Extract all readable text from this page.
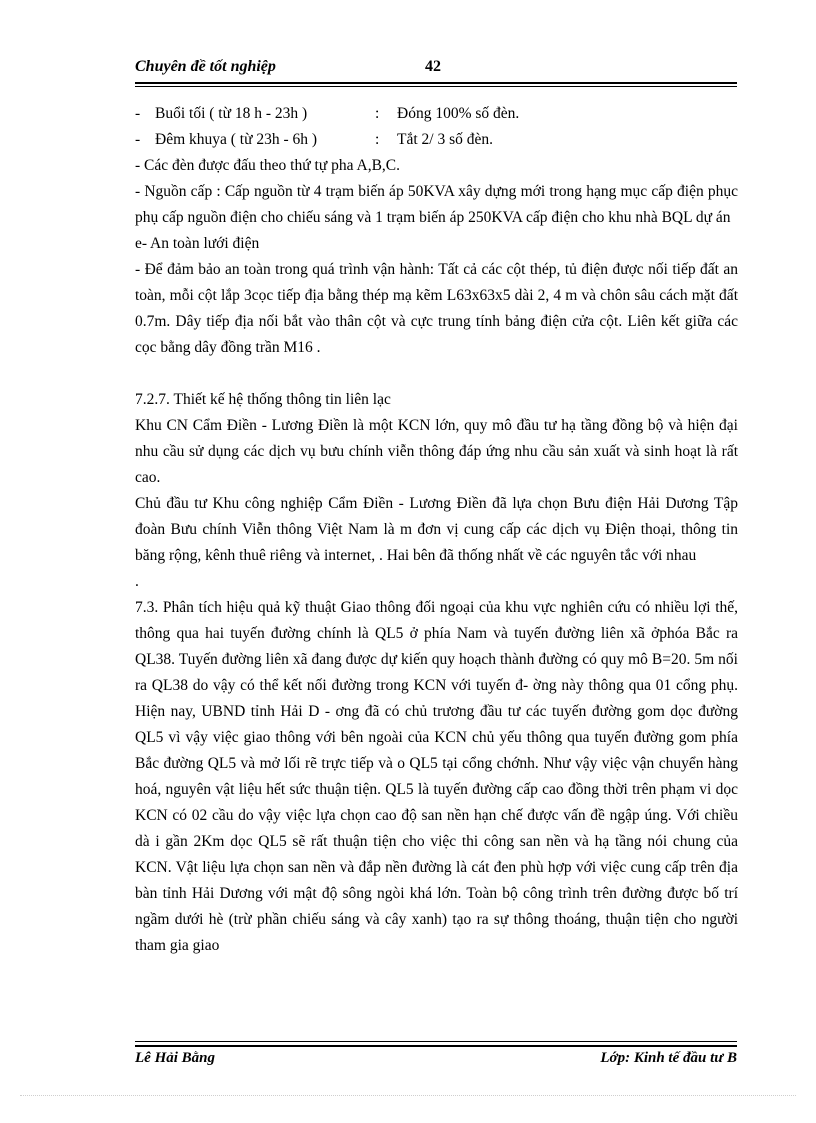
Chuyên đề tốt nghiệp	42
- Buổi tối ( từ 18 h - 23h )	:	Đóng 100% số đèn.
- Đêm khuya ( từ 23h - 6h )	:	Tắt 2/ 3 số đèn.

- Các đèn được đấu theo thứ tự pha A,B,C.

- Nguồn cấp : Cấp nguồn từ 4 trạm biến áp 50KVA xây dựng mới trong hạng mục cấp điện phục phụ cấp nguồn điện cho chiếu sáng và 1 trạm biến áp 250KVA cấp điện cho khu nhà BQL dự án

e- An toàn lưới điện

- Để đảm bảo an toàn trong quá trình vận hành: Tất cả các cột thép, tủ điện được nối tiếp đất an toàn, mỗi cột lắp 3cọc tiếp địa bằng thép mạ kẽm L63x63x5 dài 2, 4 m và chôn sâu cách mặt đất 0.7m. Dây tiếp địa nối bắt vào thân cột và cực trung tính bảng điện cửa cột. Liên kết giữa các cọc bằng dây đồng trần M16 .

7.2.7. Thiết kế hệ thống thông tin liên lạc

Khu CN Cẩm Điền - Lương Điền là một KCN lớn, quy mô đầu tư hạ tầng đồng bộ và hiện đại nhu cầu sử dụng các dịch vụ bưu chính viễn thông đáp ứng nhu cầu sản xuất và sinh hoạt là rất cao.

Chủ đầu tư Khu công nghiệp Cẩm Điền - Lương Điền đã lựa chọn Bưu điện Hải Dương Tập đoàn Bưu chính Viễn thông Việt Nam là m đơn vị cung cấp các dịch vụ Điện thoại, thông tin băng rộng, kênh thuê riêng và internet, . Hai bên đã thống nhất về các nguyên tắc với nhau

.

7.3. Phân tích hiệu quả kỹ thuật Giao thông đối ngoại của khu vực nghiên cứu có nhiều lợi thế, thông qua hai tuyến đường chính là QL5 ở phía Nam và tuyến đường liên xã ởphóa Bắc ra QL38. Tuyến đường liên xã đang được dự kiến quy hoạch thành đường có quy mô B=20. 5m nối ra QL38 do vậy có thể kết nối đường trong KCN với tuyến đ- ờng này thông qua 01 cổng phụ. Hiện nay, UBND tỉnh Hải D - ơng đã có chủ trương đầu tư các tuyến đường gom dọc đường QL5 vì vậy việc giao thông với bên ngoài của KCN chủ yếu thông qua tuyến đường gom phía Bắc đường QL5 và mở lối rẽ trực tiếp và o QL5 tại cổng chớnh. Như vậy việc vận chuyển hàng hoá, nguyên vật liệu hết sức thuận tiện. QL5 là tuyến đường cấp cao đồng thời trên phạm vi dọc KCN có 02 cầu do vậy việc lựa chọn cao độ san nền hạn chế được vấn đề ngập úng. Với chiều dà i gần 2Km dọc QL5 sẽ rất thuận tiện cho việc thi công san nền và hạ tầng nói chung của KCN. Vật liệu lựa chọn san nền và đắp nền đường là cát đen phù hợp với việc cung cấp trên địa bàn tỉnh Hải Dương với mật độ sông ngòi khá lớn. Toàn bộ công trình trên đường được bố trí ngầm dưới hè (trừ phần chiếu sáng và cây xanh) tạo ra sự thông thoáng, thuận tiện cho người tham gia giao

Lê Hải Bằng	Lớp: Kinh tế đầu tư B
